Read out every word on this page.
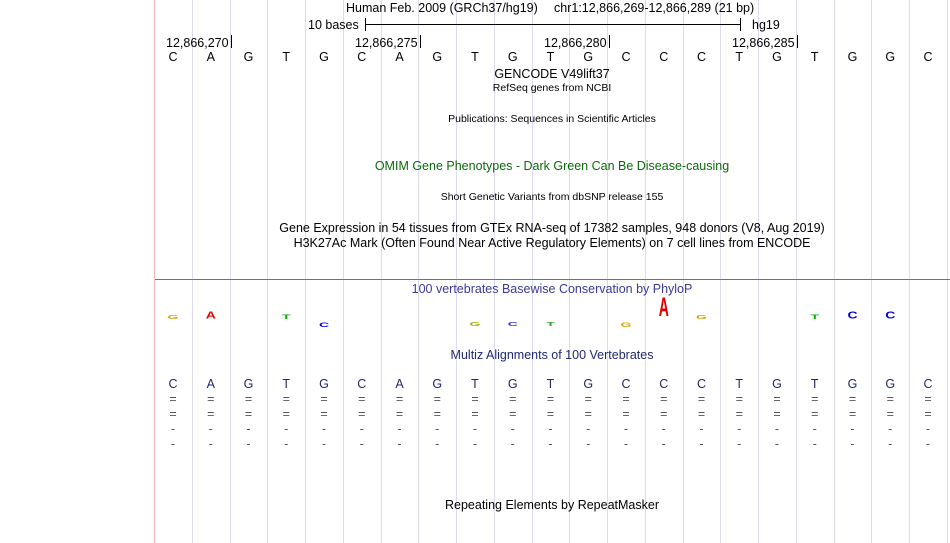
Human Feb. 2009 (GRCh37/hg19) chr1:12,866,269-12,866,289 (21 bp)
10 bases	hg19
12,866,270	12,866,275	12,866,280	12,866,285
C	A	G	T	G	C	A	G	T	G	T	G	C	C	C	T	G	T	G	G	C
GENCODE V49lift37
RefSeq genes from NCBI
Publications: Sequences in Scientific Articles
OMIM Gene Phenotypes - Dark Green Can Be Disease-causing
Short Genetic Variants from dbSNP release 155
Gene Expression in 54 tissues from GTEx RNA-seq of 17382 samples, 948 donors (V8, Aug 2019)
H3K27Ac Mark (Often Found Near Active Regulatory Elements) on 7 cell lines from ENCODE
100 vertebrates Basewise Conservation by PhyloP
G	A	T
C	G	C	T	G
A	G	T	C	C
Multiz Alignments of 100 Vertebrates
C	A	G	T	G	C	A	G	T	G	T	G	C	C	C	T	G	T	G	G	C
=	=	=	=	=	=	=	=	=	=	=	=	=	=	=	=	=	=	=	=	=
=	=	=	=	=	=	=	=	=	=	=	=	=	=	=	=	=	=	=	=	=
-	-	-	-	-	-	-	-	-	-	-	-	-	-	-	-	-	-	-	-	-
-	-	-	-	-	-	-	-	-	-	-	-	-	-	-	-	-	-	-	-	-
Repeating Elements by RepeatMasker
